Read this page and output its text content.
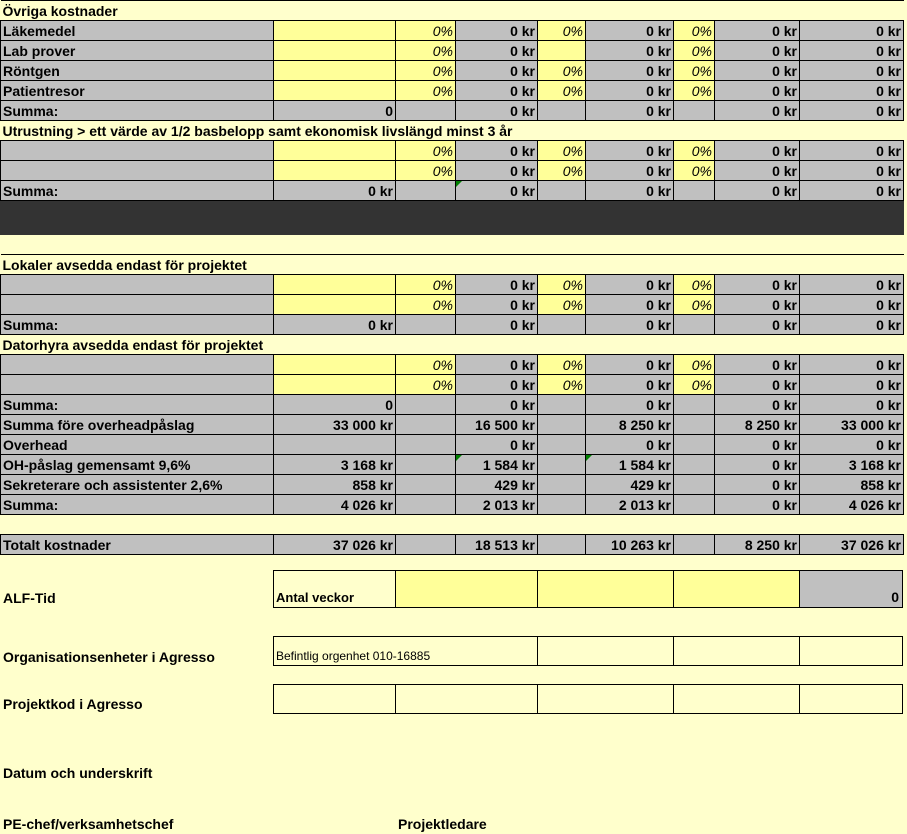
Övriga kostnader								
Läkemedel		0%	0 kr	0%	0 kr	0%	0 kr	0 kr
Lab prover		0%	0 kr		0 kr	0%	0 kr	0 kr
Röntgen		0%	0 kr	0%	0 kr	0%	0 kr	0 kr
Patientresor		0%	0 kr	0%	0 kr	0%	0 kr	0 kr
Summa:	0		0 kr		0 kr		0 kr	0 kr
Utrustning > ett värde av 1/2 basbelopp samt ekonomisk livslängd minst 3 år								
		0%	0 kr	0%	0 kr	0%	0 kr	0 kr
		0%	0 kr	0%	0 kr	0%	0 kr	0 kr
Summa:	0 kr		0 kr		0 kr		0 kr	0 kr

Lokaler avsedda endast för projektet								
		0%	0 kr	0%	0 kr	0%	0 kr	0 kr
		0%	0 kr	0%	0 kr	0%	0 kr	0 kr
Summa:	0 kr		0 kr		0 kr		0 kr	0 kr
Datorhyra avsedda endast för projektet								
		0%	0 kr	0%	0 kr	0%	0 kr	0 kr
		0%	0 kr	0%	0 kr	0%	0 kr	0 kr
Summa:	0		0 kr		0 kr		0 kr	0 kr
Summa före overheadpåslag	33 000 kr		16 500 kr		8 250 kr		8 250 kr	33 000 kr
Overhead			0 kr		0 kr		0 kr	0 kr
OH-påslag gemensamt 9,6%	3 168 kr		1 584 kr		1 584 kr		0 kr	3 168 kr
Sekreterare och assistenter 2,6%	858 kr		429 kr		429 kr		0 kr	858 kr
Summa:	4 026 kr		2 013 kr		2 013 kr		0 kr	4 026 kr

Totalt kostnader	37 026 kr		18 513 kr		10 263 kr		8 250 kr	37 026 kr
ALF-Tid	Antal veckor	0
Organisationsenheter i Agresso	Befintlig orgenhet 010-16885
Projektkod i Agresso
Datum och underskrift
PE-chef/verksamhetschef	Projektledare
